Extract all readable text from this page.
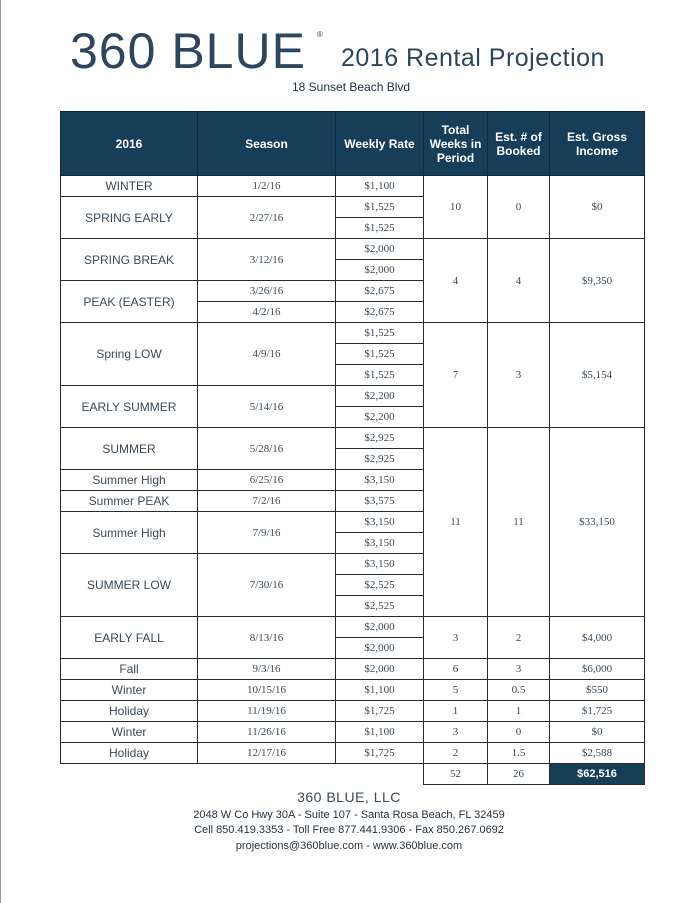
360 BLUE ®
2016 Rental Projection
18 Sunset Beach Blvd
2016	Season	Weekly Rate	Total Weeks in Period	Est. # of Booked	Est. Gross Income
WINTER	1/2/16	$1,100	10	0	$0
SPRING EARLY	2/27/16	$1,525			
		$1,525			
SPRING BREAK	3/12/16	$2,000	4	4	$9,350
		$2,000			
PEAK (EASTER)	3/26/16	$2,675			
	4/2/16	$2,675			
Spring LOW	4/9/16	$1,525	7	3	$5,154
		$1,525			
		$1,525			
EARLY SUMMER	5/14/16	$2,200			
		$2,200			
SUMMER	5/28/16	$2,925	11	11	$33,150
		$2,925			
Summer High	6/25/16	$3,150			
Summer PEAK	7/2/16	$3,575			
Summer High	7/9/16	$3,150			
		$3,150			
SUMMER LOW	7/30/16	$3,150			
		$2,525			
		$2,525			
EARLY FALL	8/13/16	$2,000	3	2	$4,000
		$2,000			
Fall	9/3/16	$2,000	6	3	$6,000
Winter	10/15/16	$1,100	5	0.5	$550
Holiday	11/19/16	$1,725	1	1	$1,725
Winter	11/26/16	$1,100	3	0	$0
Holiday	12/17/16	$1,725	2	1.5	$2,588
			52	26	$62,516
360 BLUE, LLC
2048 W Co Hwy 30A - Suite 107 - Santa Rosa Beach, FL 32459
Cell 850.419.3353 - Toll Free 877.441.9306 - Fax 850.267.0692
projections@360blue.com - www.360blue.com
